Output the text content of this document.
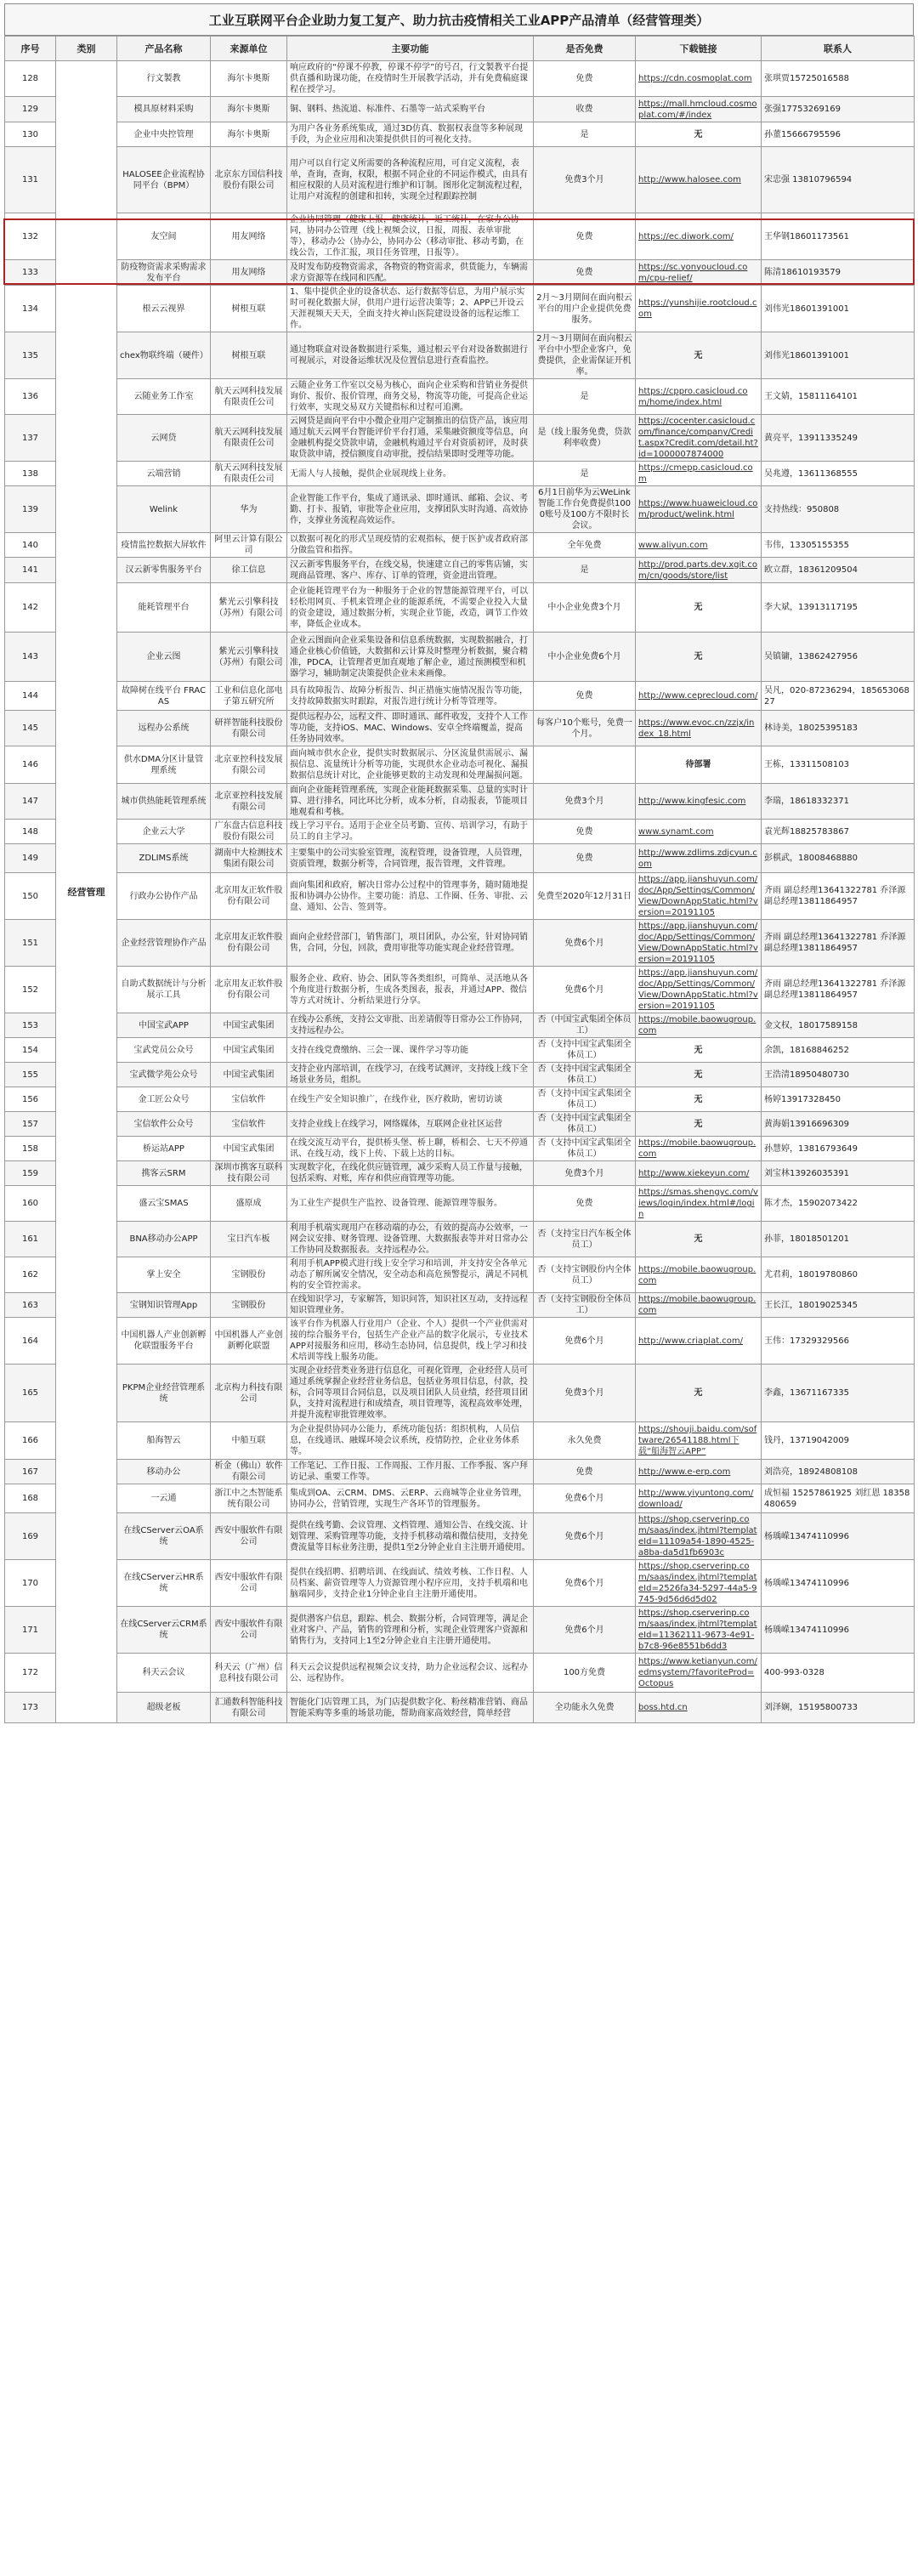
工业互联网平台企业助力复工复产、助力抗击疫情相关工业APP产品清单（经营管理类）
序号	类别	产品名称	来源单位	主要功能	是否免费	下载链接	联系人
128	经营管理	行文製教	海尔卡奥斯	响应政府的“停课不停教，停课不停学”的号召，行文製教平台提供直播和助课功能，在疫情时生开展教学活动，并有免费稿庭课程在授学习。	免费	https://cdn.cosmoplat.com	张琪贾15725016588
129		模具原材料采购	海尔卡奥斯	铜、钢料、热流道、标准件、石墨等一站式采购平台	收费	https://mall.hmcloud.cosmoplat.com/#/index	张强17753269169
130		企业中央控管理	海尔卡奥斯	为用户各业务系统集成，通过3D仿真、数据权表盘等多种展现手段，为企业应用和决策提供供目的可视化支持。	是	无	孙董15666795596
131		HALOSEE企业流程协同平台（BPM）	北京东方国信科技股份有限公司	用户可以自行定义所需要的各种流程应用，可自定义流程，表单，查询，查询，权限，根据不同企业的不同运作模式，由具有相应权限的人员对流程进行维护和订制。图形化定制流程过程，让用户对流程的创建和扣转，实现全过程跟踪控制	免费3个月	http://www.halosee.com	宋忠强 13810796594
132		友空间	用友网络	企业协同管理（健康上报，健康统计，返工统计，在家办公协同，协同办公管理（线上视频会议，日报，周报、表单审批等），移动办公（协办公，协同办公（移动审批、移动考勤，在线公告，工作汇报，项目任务管理，日报等）。	免费	https://ec.diwork.com/	王华钢18601173561
133		防疫物资需求采购需求发布平台	用友网络	及时发布防疫物资需求，各物资的物资需求，供货能力，车辆需求方资源等在线同和匹配。	免费	https://sc.yonyoucloud.com/cpu-relief/	陈清18610193579
134		根云云视界	树根互联	1、集中提供企业的设备状态、运行数据等信息，为用户展示实时可视化数据大屏，供用户进行运营决策等；2、APP已开设云天涯视频天天天，全面支持火神山医院建设设备的远程运维工作。	2月～3月期间在面向根云平台的用户企业提供免费服务。	https://yunshijie.rootcloud.com	刘伟光18601391001
135		chex物联终端（硬件）	树根互联	通过物联盒对设备数据进行采集，通过根云平台对设备数据进行可视展示，对设备运维状况及位置信息进行查看监控。	2月～3月期间在面向根云平台中小型企业客户，免费提供，企业需保证开机率。	无	刘伟光18601391001
136		云随业务工作室	航天云网科技发展有限责任公司	云随企业务工作室以交易为核心，面向企业采购和营销业务提供询价、报价、报价管理，商务交易，物流等功能，可提高企业运行效率，实现交易双方关键指标和过程可追溯。	是	https://cppro.casicloud.com/home/index.html	王文婧，15811164101
137		云网贷	航天云网科技发展有限责任公司	云网贷是面向平台中小微企业用户定制推出的信贷产品，该应用通过航天云网平台智能评价平台打通，采集融资额度等信息，向金融机构提交贷款申请，金融机构通过平台对资质初评，及时获取贷款申请，授信额度自动审批，授信结果即时受理等功能。	是（线上服务免费，贷款利率收费）	https://cocenter.casicloud.com/finance/company/Credit.aspx?Credit.com/detail.ht?id=1000007874000	黄亮平，13911335249
138		云端营销	航天云网科技发展有限责任公司	无需人与人接触，提供企业展现线上业务。	是	https://cmepp.casicloud.com	吴兆遵，13611368555
139		Welink	华为	企业智能工作平台，集成了通讯录、即时通讯、邮箱、会议、考勤、打卡、报销，审批等企业应用，支撑团队实时沟通、高效协作，支撑业务流程高效运作。	6月1日前华为云WeLink智能工作台免费提供1000账号及100方不限时长会议。	https://www.huaweicloud.com/product/welink.html	支持热线：950808
140		疫情监控数据大屏软件	阿里云计算有限公司	以数据可视化的形式呈现疫情的宏观指标，便于医护或者政府部分做监管和指挥。	全年免费	www.aliyun.com	韦伟，13305155355
141		汉云新零售服务平台	徐工信息	汉云新零售服务平台，在线交易，快速建立自己的零售店铺，实现商品管理、客户、库存、订单的管理，资金进出管理。	是	http://prod.parts.dev.xgit.com/cn/goods/store/list	欧立群，18361209504
142		能耗管理平台	紫光云引擎科技（苏州）有限公司	企业能耗管理平台为一种服务于企业的智慧能源管理平台，可以轻松用网页、手机来管理企业的能源系统，不需要企业投入大量的资金建设，通过数据分析，实现企业节能，改造，调节工作效率，降低企业成本。	中小企业免费3个月	无	李大斌，13913117195
143		企业云图	紫光云引擎科技（苏州）有限公司	企业云图面向企业采集设备和信息系统数据，实现数据融合，打通企业核心价值链，大数据和云计算及时整理分析数据，聚合精准，PDCA，让管理者更加直观地了解企业，通过预测模型和机器学习，辅助制定决策提供企业未来画像。	中小企业免费6个月	无	吴镇镛，13862427956
144		故障树在线平台 FRACAS	工业和信息化部电子第五研究所	具有故障报告、故障分析报告、纠正措施实施情况报告等功能，支持故障数据实时跟踪，对报告进行统计分析等管理等。	免费	http://www.ceprecloud.com/	吴凡，020-87236294，18565306827
145		远程办公系统	研祥智能科技股份有限公司	提供远程办公，远程文件、即时通讯、邮件收发，支持个人工作等功能，支持iOS、MAC、Windows、安卓全终端覆盖，提高任务协同效率。	每客户10个账号，免费一个月。	https://www.evoc.cn/zzjx/index_18.html	林诗美，18025395183
146		供水DMA分区计量管理系统	北京亚控科技发展有限公司	面向城市供水企业，提供实时数据展示、分区流量供需展示、漏损信息、流量统计分析等功能，实现供水企业动态可视化、漏损数据信息统计对比，企业能够更数的主动发现和处理漏损问题。		待部署	王栋，13311508103
147		城市供热能耗管理系统	北京亚控科技发展有限公司	面向企业能耗管理系统，实现企业能耗数据采集、总量的实时计算、进行排名，同比环比分析，成本分析，自动报表，节能项目地观看和考核。	免费3个月	http://www.kingfesic.com	李瑞，18618332371
148		企业云大学	广东盘古信息科技股份有限公司	线上学习平台。适用于企业全员考勤、宣传、培训学习，有助于员工的自主学习。	免费	www.synamt.com	袁光辉18825783867
149		ZDLIMS系统	湖南中大检测技术集团有限公司	主要集中的公司实验室管理，流程管理，设备管理，人员管理，资质管理，数据分析等，合同管理，报告管理，文件管理。	免费	http://www.zdlims.zdjcyun.com	彭棋武，18008468880
150		行政办公协作产品	北京用友正软件股份有限公司	面向集团和政府，解决日常办公过程中的管理事务，随时随地提报和协调办公协作。主要功能：消息、工作圈、任务、审批、云盘、通知、公告、签到等。	免费至2020年12月31日	https://app.jianshuyun.com/doc/App/Settings/Common/View/DownAppStatic.html?version=20191105	齐雨 副总经理13641322781 乔泽源 副总经理13811864957
151		企业经营管理协作产品	北京用友正软件股份有限公司	面向企业经营部门，销售部门，项目团队，办公室，针对协同销售，合同，分包，回款，费用审批等功能实现企业经营管理。	免费6个月	https://app.jianshuyun.com/doc/App/Settings/Common/View/DownAppStatic.html?version=20191105	齐雨 副总经理13641322781 乔泽源 副总经理13811864957
152		自助式数据统计与分析展示工具	北京用友正软件股份有限公司	服务企业、政府、协会、团队等各类组织，可简单、灵活地从各个角度进行数据分析，生成各类图表，报表，并通过APP、微信等方式对统计、分析结果进行分享。	免费6个月	https://app.jianshuyun.com/doc/App/Settings/Common/View/DownAppStatic.html?version=20191105	齐雨 副总经理13641322781 乔泽源 副总经理13811864957
153		中国宝武APP	中国宝武集团	在线办公系统，支持公文审批、出差请假等日常办公工作协同，支持远程办公。	否（中国宝武集团全体员工）	https://mobile.baowugroup.com	金文权，18017589158
154		宝武党员公众号	中国宝武集团	支持在线党费缴纳、三会一课、课件学习等功能	否（支持中国宝武集团全体员工）	无	余凯，18168846252
155		宝武微学苑公众号	中国宝武集团	支持企业内部培训，在线学习，在线考试测评，支持线上线下全场景业务员，组织。	否（支持中国宝武集团全体员工）	无	王浩清18950480730
156		金工匠公众号	宝信软件	在线生产安全知识推广，在线作业，医疗救助，密切访谈	否（支持中国宝武集团全体员工）	无	杨婷13917328450
157		宝信软件公众号	宝信软件	支持企业线上在线学习，网络媒体，互联网企业社区运营	否（支持中国宝武集团全体员工）	无	黄海娟13916696309
158		桥运站APP	中国宝武集团	在线交流互动平台，提供桥头堡、桥上聊，桥相会、七天不停通讯、在线互动，线下上传、下载上达的目标。	否（支持中国宝武集团全体员工）	https://mobile.baowugroup.com	孙慧婷，13816793649
159		携客云SRM	深圳市携客互联科技有限公司	实现数字化，在线化供应链管理，减少采购人员工作量与接触，包括采购、对账，库存和供应商管理等功能。	免费3个月	http://www.xiekeyun.com/	刘宝林13926035391
160		盛云宝SMAS	盛原成	为工业生产提供生产监控、设备管理、能源管理等服务。	免费	https://smas.shengyc.com/views/login/index.html#/login	陈才杰，15902073422
161		BNA移动办公APP	宝日汽车板	利用手机端实现用户在移动端的办公，有效的提高办公效率，一网会议安排、财务管理、设备管理、大数据报表等并对日常办公工作协同及数据报表。支持远程办公。	否（支持宝日汽车板全体员工）	无	孙菲，18018501201
162		掌上安全	宝钢股份	利用手机APP模式进行线上安全学习和培训，并支持安全各单元动态了解所属安全情况，安全动态和高危预警提示，满足不同机构的安全管控需求。	否（支持宝钢股份内全体员工）	https://mobile.baowugroup.com	尤君莉，18019780860
163		宝钢知识管理App	宝钢股份	在线知识学习，专家解答，知识问答，知识社区互动，支持远程知识管理业务。	否（支持宝钢股份全体员工）	https://mobile.baowugroup.com	王长江，18019025345
164		中国机器人产业创新孵化联盟服务平台	中国机器人产业创新孵化联盟	该平台作为机器人行业用户（企业、个人）提供一个产业供需对接的综合服务平台，包括生产企业产品的数字化展示，专业技术APP对接服务和应用，移动生态协同，信息提供，线上学习和技术培训等线上服务功能。	免费6个月	http://www.criaplat.com/	王伟：17329329566
165		PKPM企业经营管理系统	北京构力科技有限公司	实现企业经营类业务进行信息化，可视化管理，企业经营人员可通过系统掌握企业经营业务信息，包括业务项目信息，付款，投标，合同等项目合同信息，以及项目团队人员业绩，经营项目团队，支持对流程进行和成绩查，项目管理等，流程高效率处理，并提升流程审批管理效率。	免费3个月	无	李鑫，13671167335
166		船海智云	中船互联	为企业提供协同办公能力，系统功能包括：组织机构，人员信息，在线通讯、融媒环境会议系统，疫情防控，企业业务体系等。	永久免费	https://shouji.baidu.com/software/26541188.html下载“船海智云APP”	钱丹，13719042009
167		移动办公	析金（佛山）软件有限公司	工作笔记、工作日报、工作周报、工作月报、工作季报、客户拜访记录、重要工作等。	免费	http://www.e-erp.com	刘浩亮，18924808108
168		一云通	浙江中之杰智能系统有限公司	集成到OA、云CRM、DMS、云ERP、云商城等企业业务管理，协同办公，营销管理，实现生产各环节的管理服务。	免费6个月	http://www.yiyuntong.com/download/	成恒福 15257861925 刘红恩 18358480659
169		在线CServer云OA系统	西安中服软件有限公司	提供在线考勤、会议管理、文档管理、通知公告、在线交流、计划管理、采购管理等功能，支持手机移动端和微信使用，支持免费流量等目标业务注册，提供1至2分钟企业自主注册开通使用。	免费6个月	https://shop.cserverinp.com/saas/index.jhtml?templateId=11109a54-1890-4525-a8ba-da5d1fb6903c	杨瑀嵘13474110996
170		在线CServer云HR系统	西安中服软件有限公司	提供在线招聘、招聘培训、在线面试、绩效考核、工作日程、人员档案、薪资管理等人力资源管理小程序应用，支持手机端和电脑端同步，支持企业1分钟企业自主注册开通使用。	免费6个月	https://shop.cserverinp.com/saas/index.jhtml?templateId=2526fa34-5297-44a5-9745-9d56d6d5d02	杨瑀嵘13474110996
171		在线CServer云CRM系统	西安中服软件有限公司	提供潜客户信息，跟踪、机会、数据分析，合同管理等，满足企业对客户、产品，销售的管理和分析，实现企业管理客户资源和销售行为，支持同上1至2分钟企业自主注册开通使用。	免费6个月	https://shop.cserverinp.com/saas/index.jhtml?templateId=11362111-9673-4e91-b7c8-96e8551b6dd3	杨瑀嵘13474110996
172		科天云会议	科天云（广州）信息科技有限公司	科天云会议提供远程视频会议支持，助力企业远程会议、远程办公、远程协作。	100方免费	https://www.ketianyun.com/edmsystem/?favoriteProd=Octopus	400-993-0328
173		超级老板	汇通数科智能科技有限公司	智能化门店管理工具，为门店提供数字化、粉丝精准营销、商品智能采购等多重的场景功能，帮助商家高效经营，简单经营	全功能永久免费	boss.htd.cn	刘泽娴，15195800733
